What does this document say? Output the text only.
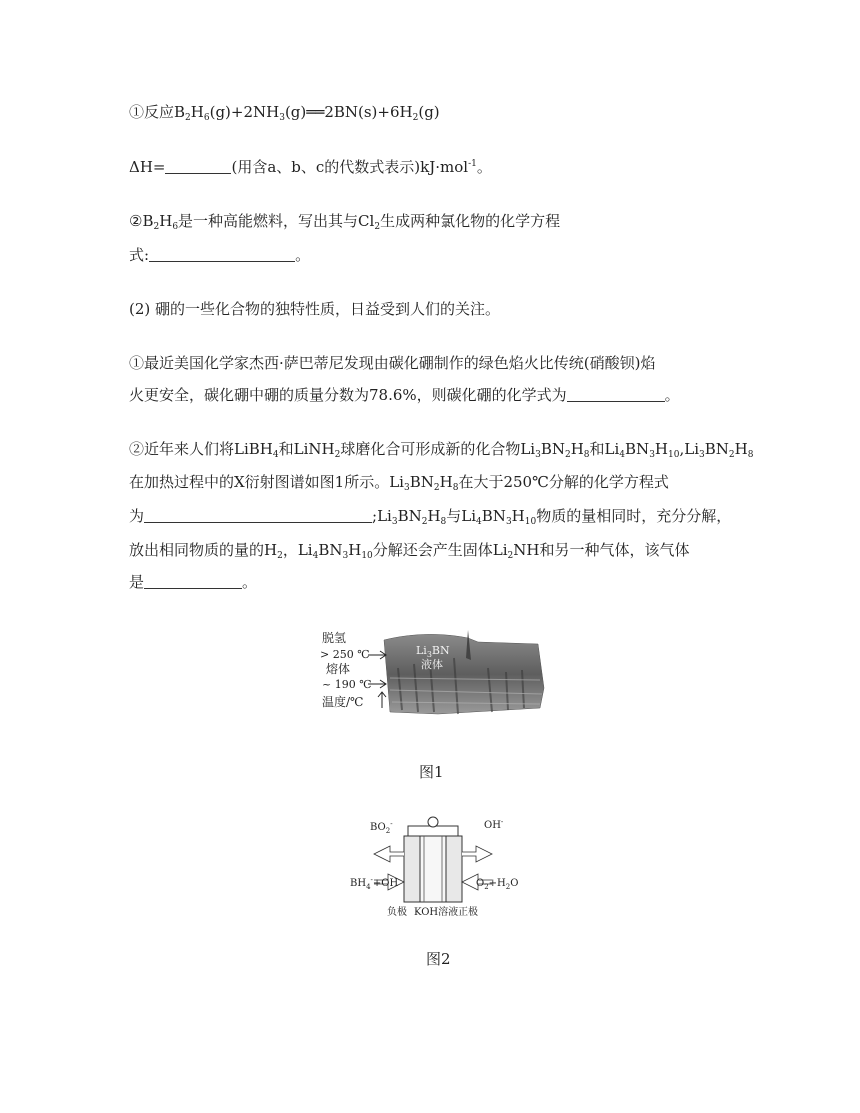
①反应$B_2H_6(g)+2NH_3(g)══2BN(s)+6H_2(g)$
ΔH=	(用含a、b、c的代数式表示)kJ·mol$^{-1}$。
$②B_2H_6$是一种高能燃料，写出其与$Cl_2$生成两种氯化物的化学方程
式:	。
(2) 硼的一些化合物的独特性质，日益受到人们的关注。
①最近美国化学家杰西·萨巴蒂尼发现由碳化硼制作的绿色焰火比传统(硝酸钡)焰
火更安全，碳化硼中硼的质量分数为78.6%，则碳化硼的化学式为	。
②近年来人们将LiBH$_4$和LiNH$_2$球磨化合可形成新的化合物$Li_3BN_2H_8$和$Li_4BN_3H_{10},Li_3BN_2H_8$
在加热过程中的X衍射图谱如图1所示。$Li_3BN_2H_8$在大于250℃分解的化学方程式
为	$;Li_3BN_2H_8$与$Li_4BN_3H_{10}$物质的量相同时，充分分解，
放出相同物质的量的$H_2$，$Li_4BN_3H_{10}$分解还会产生固体$Li_2NH$和另一种气体，该气体
是	。
脱氢
> 250 ℃
熔体
~ 190 ℃
温度/℃
$Li_3BN$
液体
图1
$BO_2^-$	OH-
$BH_4^-+OH^-$	$O_2+H_2O$
负极 KOH溶液 正极
图2
